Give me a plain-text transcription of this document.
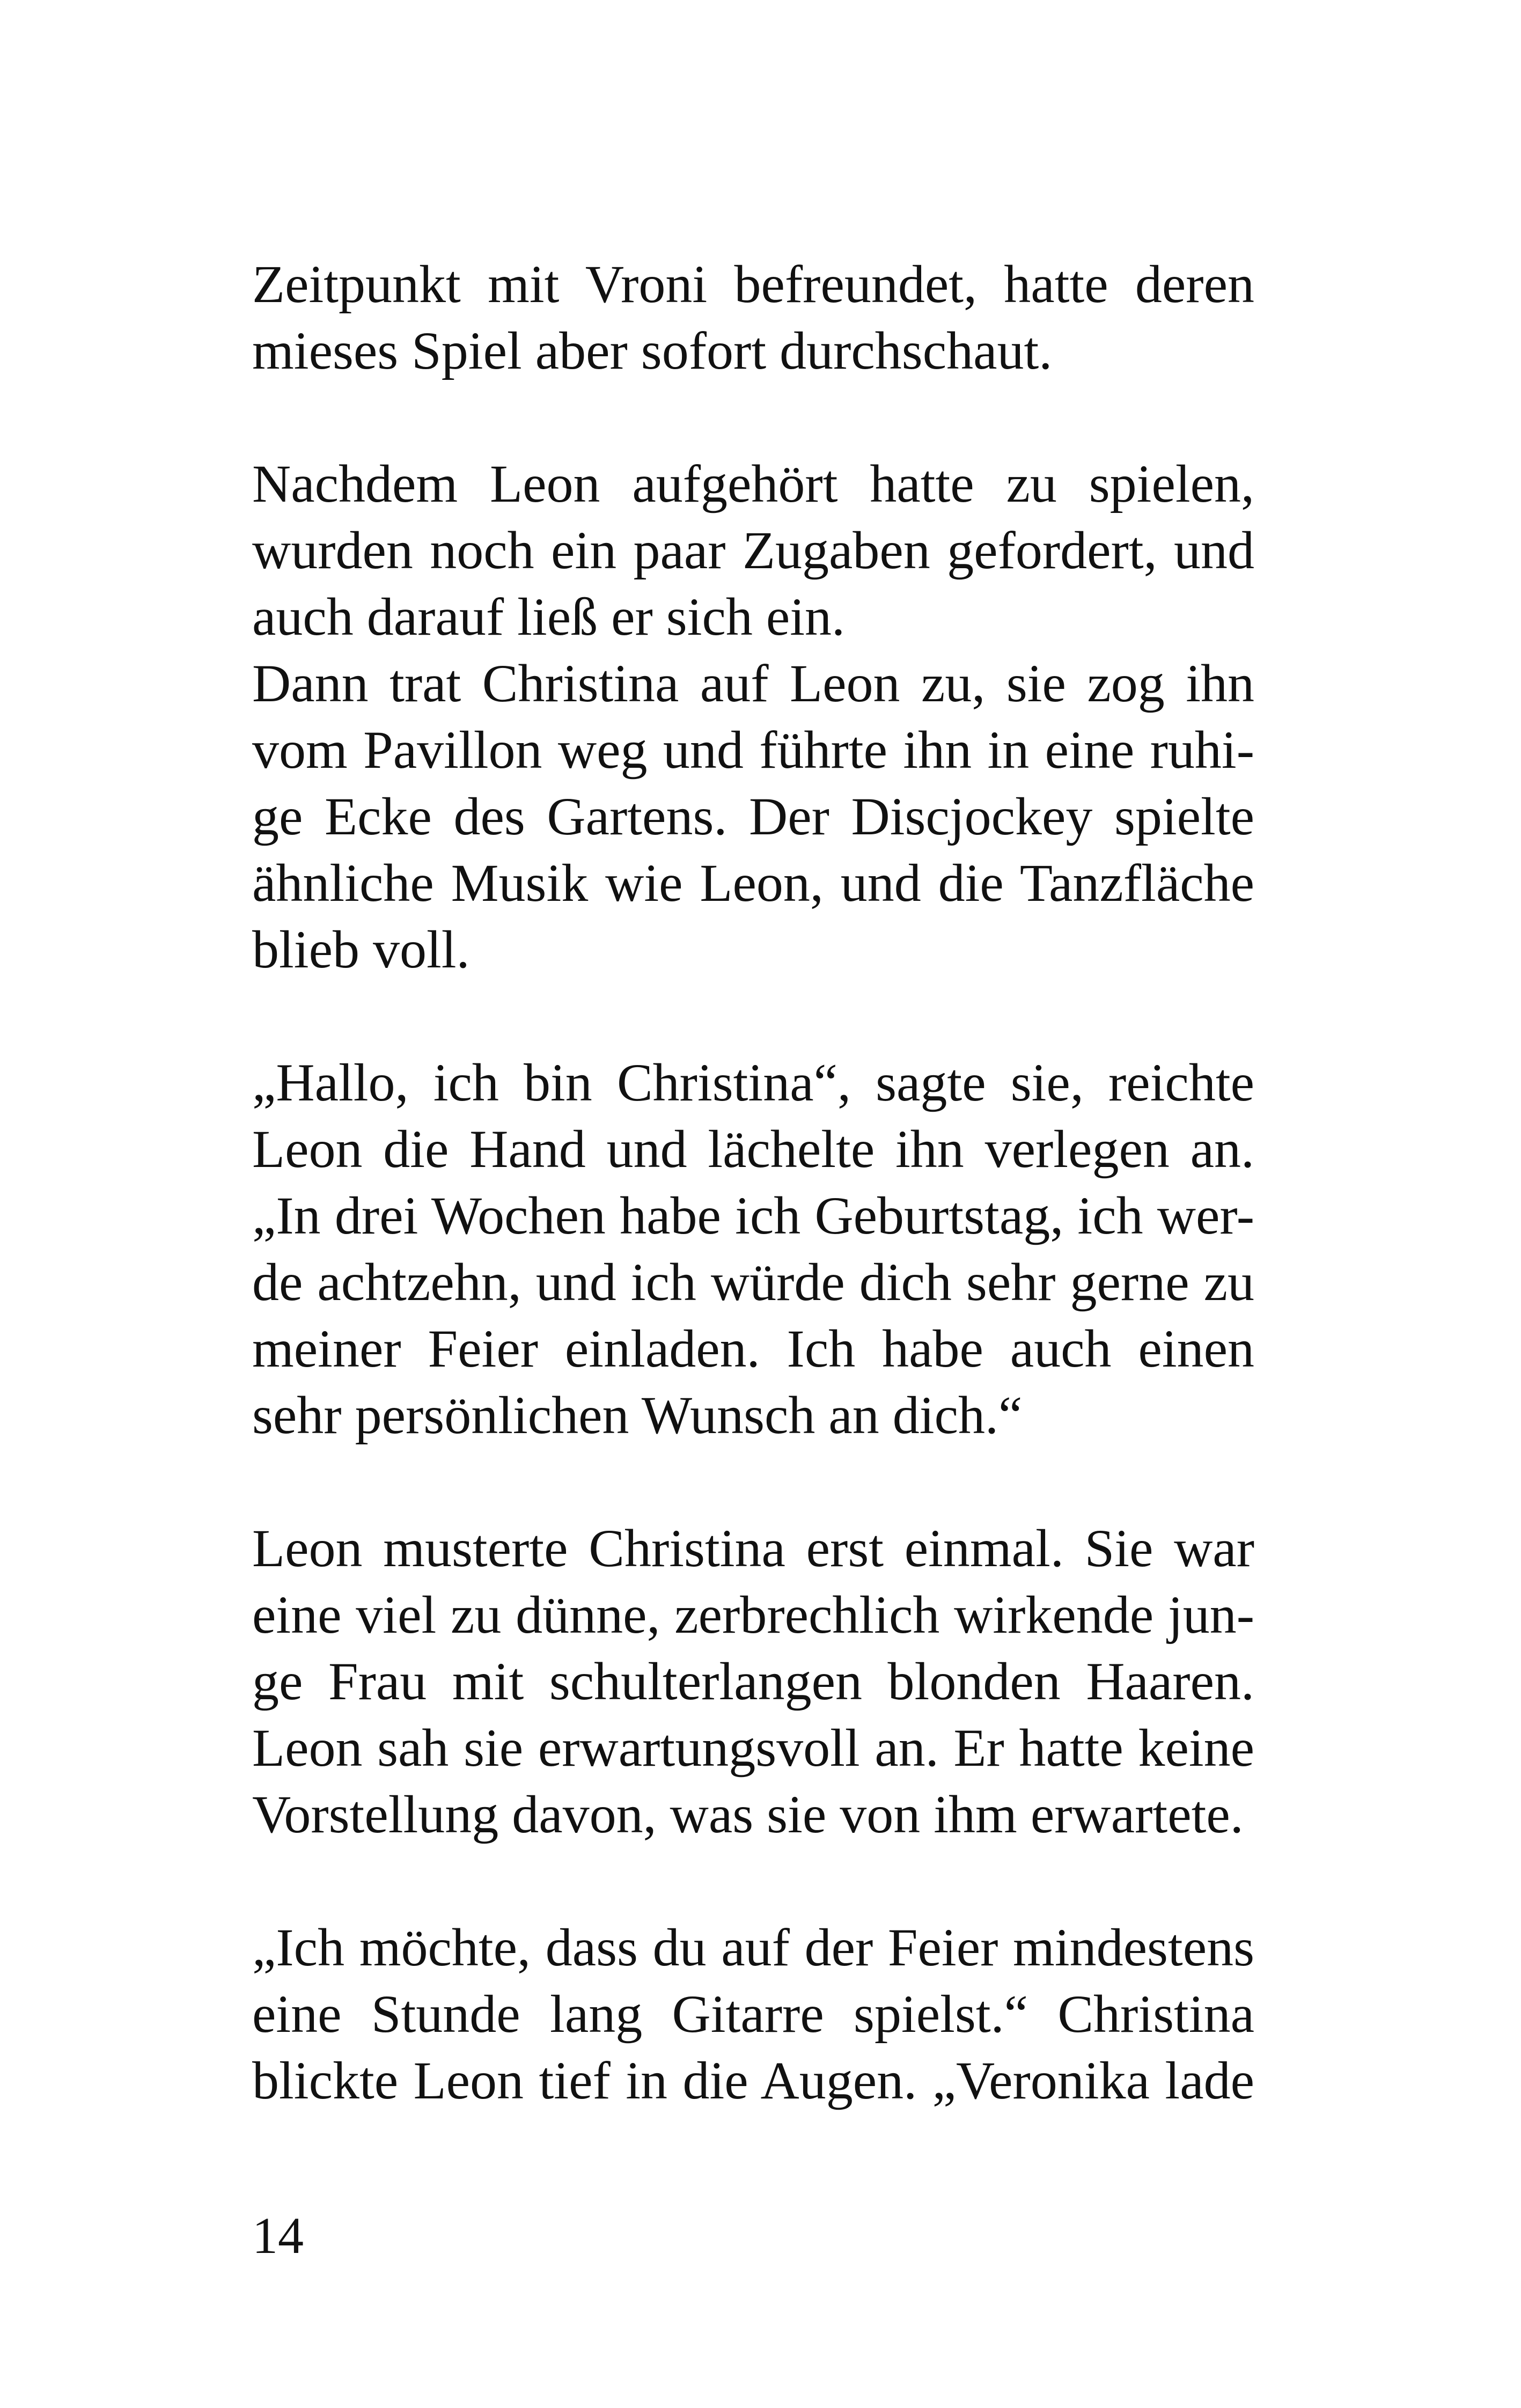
Zeitpunkt mit Vroni befreundet, hatte deren
mieses Spiel aber sofort durchschaut.

Nachdem Leon aufgehört hatte zu spielen,
wurden noch ein paar Zugaben gefordert, und
auch darauf ließ er sich ein.

Dann trat Christina auf Leon zu, sie zog ihn
vom Pavillon weg und führte ihn in eine ruhi-
ge Ecke des Gartens. Der Discjockey spielte
ähnliche Musik wie Leon, und die Tanzfläche
blieb voll.

„Hallo, ich bin Christina“, sagte sie, reichte
Leon die Hand und lächelte ihn verlegen an.
„In drei Wochen habe ich Geburtstag, ich wer-
de achtzehn, und ich würde dich sehr gerne zu
meiner Feier einladen. Ich habe auch einen
sehr persönlichen Wunsch an dich.“

Leon musterte Christina erst einmal. Sie war
eine viel zu dünne, zerbrechlich wirkende jun-
ge Frau mit schulterlangen blonden Haaren.
Leon sah sie erwartungsvoll an. Er hatte keine
Vorstellung davon, was sie von ihm erwartete.

„Ich möchte, dass du auf der Feier mindestens
eine Stunde lang Gitarre spielst.“ Christina
blickte Leon tief in die Augen. „Veronika lade

14
